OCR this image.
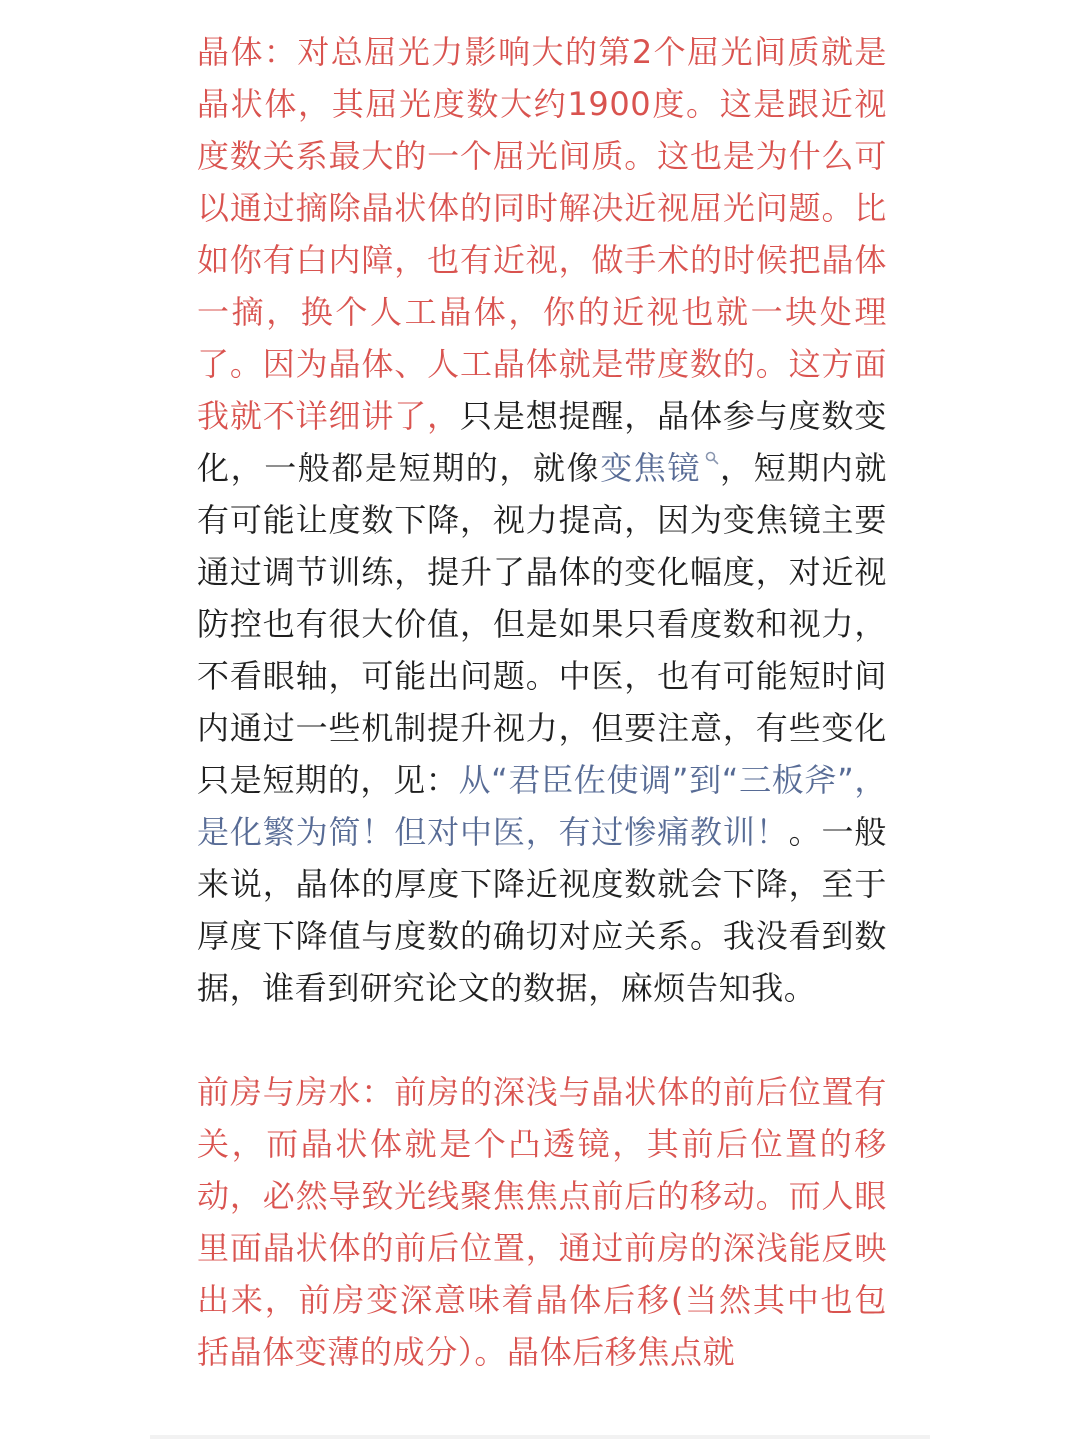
晶体：对总屈光力影响大的第2个屈光间质就是晶状体，其屈光度数大约1900度。这是跟近视度数关系最大的一个屈光间质。这也是为什么可以通过摘除晶状体的同时解决近视屈光问题。比如你有白内障，也有近视，做手术的时候把晶体一摘，换个人工晶体，你的近视也就一块处理了。因为晶体、人工晶体就是带度数的。这方面我就不详细讲了，只是想提醒，晶体参与度数变化，一般都是短期的，就像变焦镜 ，短期内就有可能让度数下降，视力提高，因为变焦镜主要通过调节训练，提升了晶体的变化幅度，对近视防控也有很大价值，但是如果只看度数和视力，不看眼轴，可能出问题。中医，也有可能短时间内通过一些机制提升视力，但要注意，有些变化只是短期的，见：从“君臣佐使调”到“三板斧”，是化繁为简！但对中医，有过惨痛教训！。一般来说，晶体的厚度下降近视度数就会下降，至于厚度下降值与度数的确切对应关系。我没看到数据，谁看到研究论文的数据，麻烦告知我。

前房与房水：前房的深浅与晶状体的前后位置有关，而晶状体就是个凸透镜，其前后位置的移动，必然导致光线聚焦焦点前后的移动。而人眼里面晶状体的前后位置，通过前房的深浅能反映出来，前房变深意味着晶体后移(当然其中也包括晶体变薄的成分）。晶体后移焦点就
